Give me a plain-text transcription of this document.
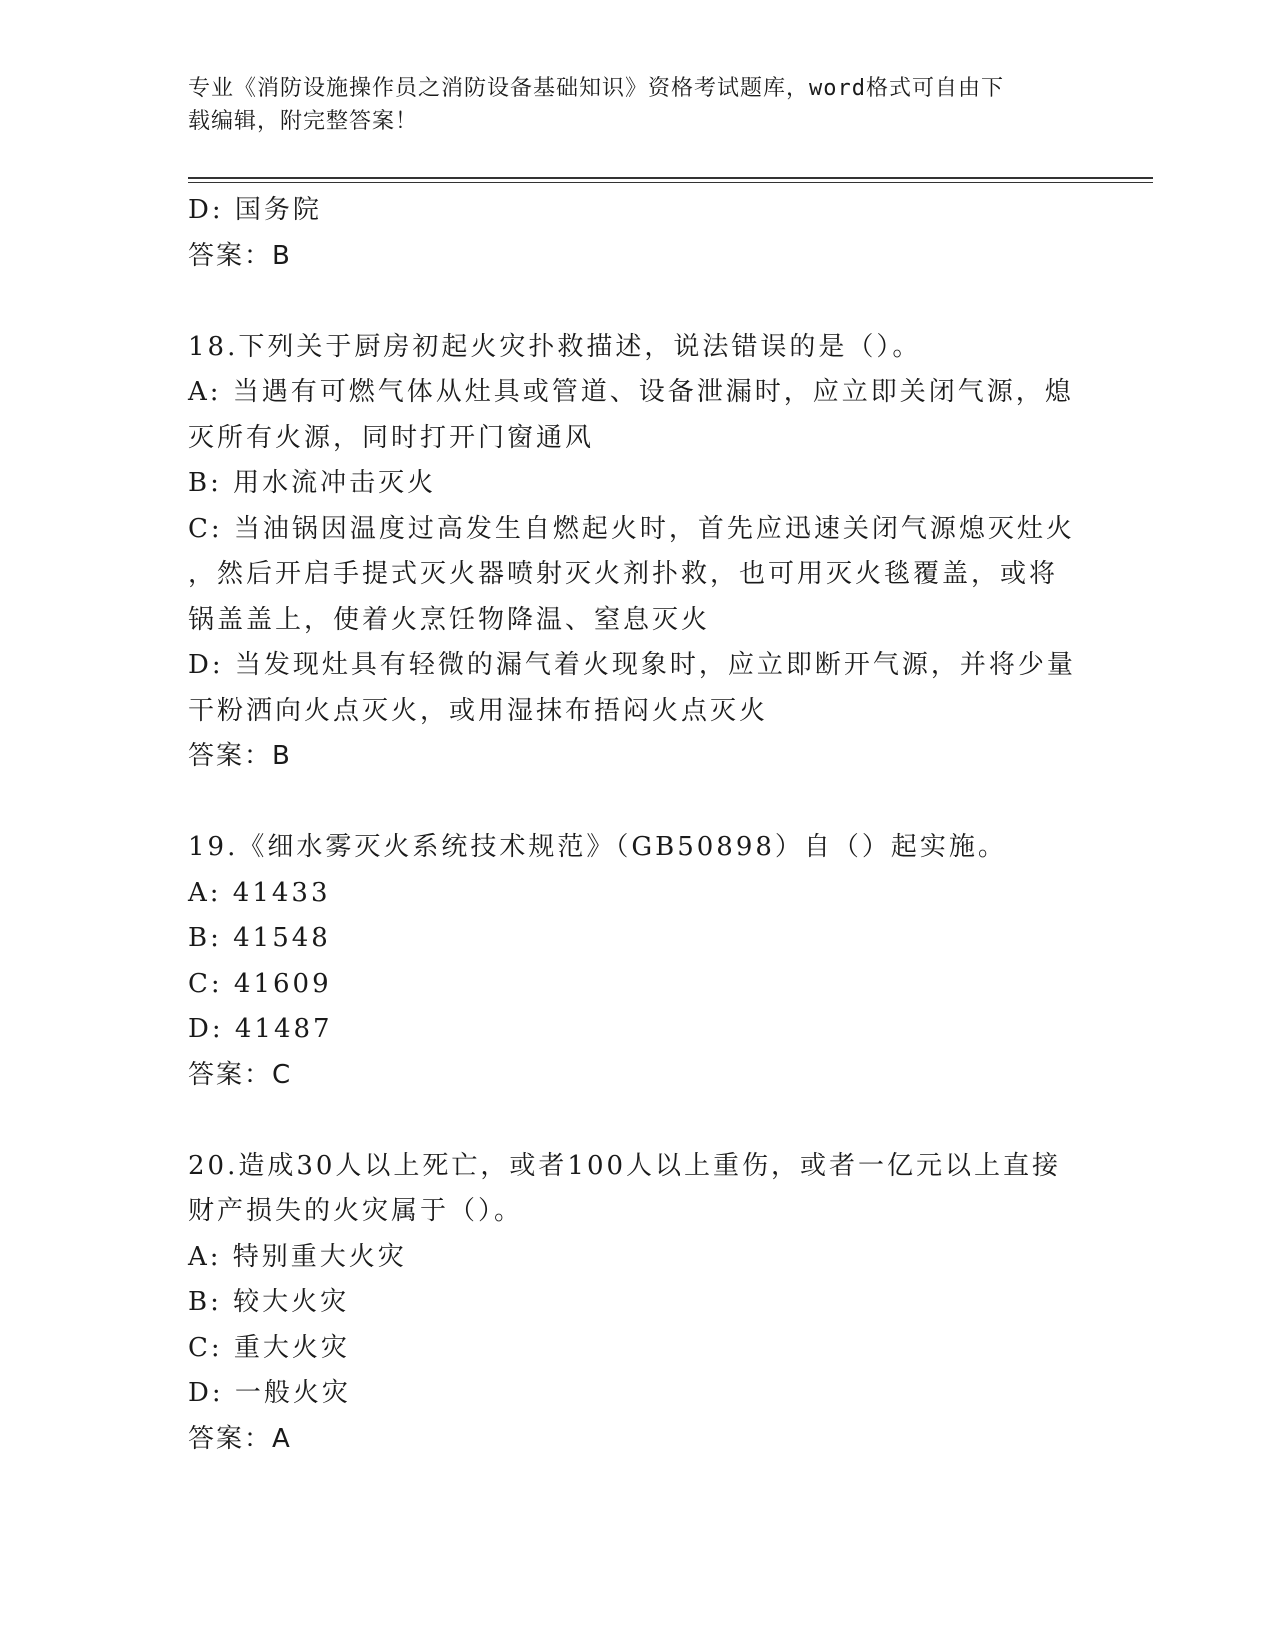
专业《消防设施操作员之消防设备基础知识》资格考试题库，word格式可自由下
载编辑，附完整答案！
D: 国务院
答案：B
18.下列关于厨房初起火灾扑救描述，说法错误的是（）。
A: 当遇有可燃气体从灶具或管道、设备泄漏时，应立即关闭气源，熄
灭所有火源，同时打开门窗通风
B: 用水流冲击灭火
C: 当油锅因温度过高发生自燃起火时，首先应迅速关闭气源熄灭灶火
，然后开启手提式灭火器喷射灭火剂扑救，也可用灭火毯覆盖，或将
锅盖盖上，使着火烹饪物降温、窒息灭火
D: 当发现灶具有轻微的漏气着火现象时，应立即断开气源，并将少量
干粉洒向火点灭火，或用湿抹布捂闷火点灭火
答案：B
19.《细水雾灭火系统技术规范》（GB50898）自（）起实施。
A: 41433
B: 41548
C: 41609
D: 41487
答案：C
20.造成30人以上死亡，或者100人以上重伤，或者一亿元以上直接
财产损失的火灾属于（）。
A: 特别重大火灾
B: 较大火灾
C: 重大火灾
D: 一般火灾
答案：A
